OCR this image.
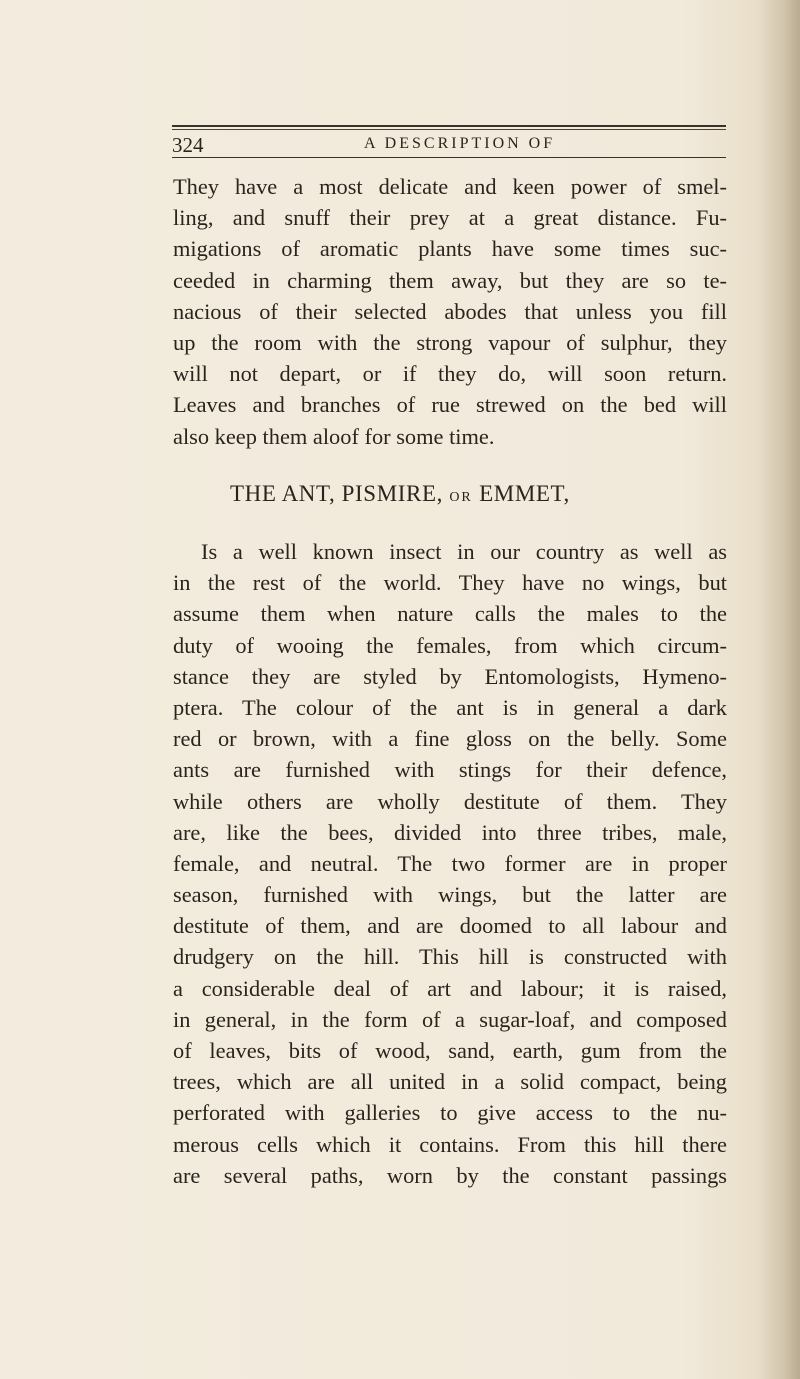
324	A DESCRIPTION OF
They have a most delicate and keen power of smel-
ling, and snuff their prey at a great distance. Fu-
migations of aromatic plants have some times suc-
ceeded in charming them away, but they are so te-
nacious of their selected abodes that unless you fill
up the room with the strong vapour of sulphur, they
will not depart, or if they do, will soon return.
Leaves and branches of rue strewed on the bed will
also keep them aloof for some time.
THE ANT, PISMIRE, OR EMMET,
Is a well known insect in our country as well as
in the rest of the world. They have no wings, but
assume them when nature calls the males to the
duty of wooing the females, from which circum-
stance they are styled by Entomologists, Hymeno-
ptera. The colour of the ant is in general a dark
red or brown, with a fine gloss on the belly. Some
ants are furnished with stings for their defence,
while others are wholly destitute of them. They
are, like the bees, divided into three tribes, male,
female, and neutral. The two former are in proper
season, furnished with wings, but the latter are
destitute of them, and are doomed to all labour and
drudgery on the hill. This hill is constructed with
a considerable deal of art and labour; it is raised,
in general, in the form of a sugar-loaf, and composed
of leaves, bits of wood, sand, earth, gum from the
trees, which are all united in a solid compact, being
perforated with galleries to give access to the nu-
merous cells which it contains. From this hill there
are several paths, worn by the constant passings
